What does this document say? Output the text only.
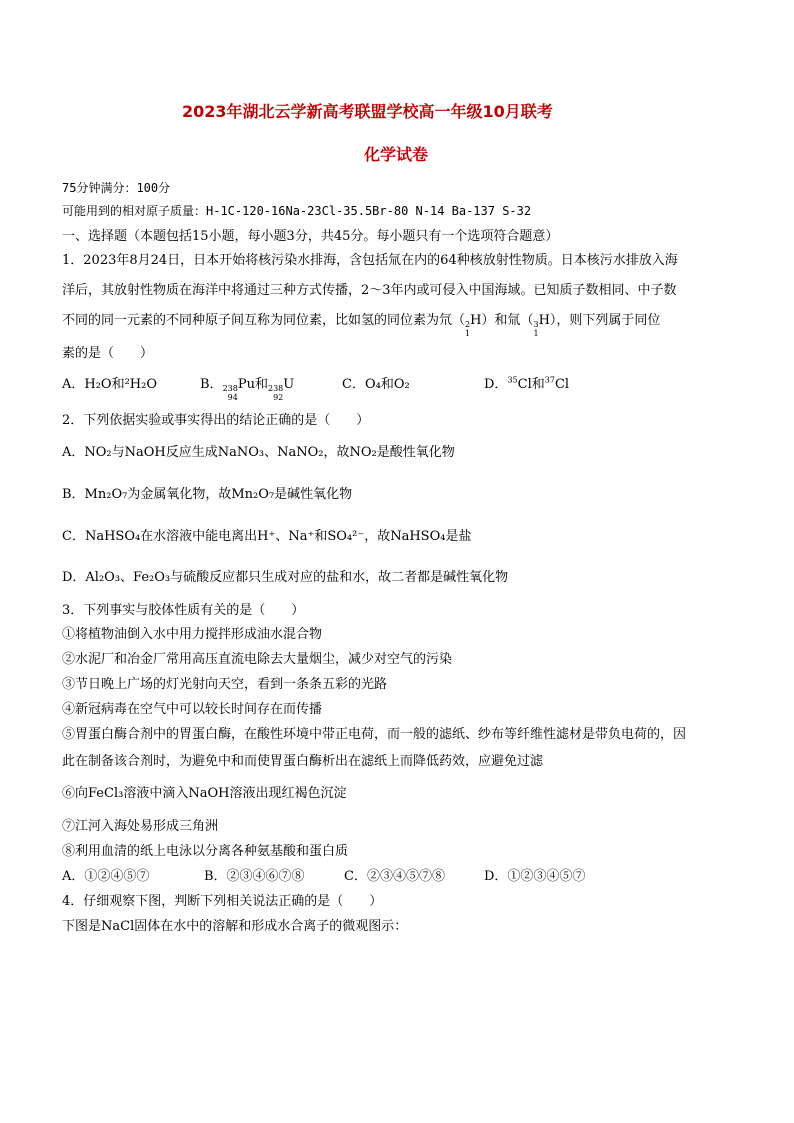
2023年湖北云学新高考联盟学校高一年级10月联考
化学试卷
75分钟满分：100分
可能用到的相对原子质量：H-1C-120-16Na-23Cl-35.5Br-80 N-14 Ba-137 S-32
一、选择题（本题包括15小题，每小题3分，共45分。每小题只有一个选项符合题意）
1．2023年8月24日，日本开始将核污染水排海，含包括氚在内的64种核放射性物质。日本核污水排放入海
洋后，其放射性物质在海洋中将通过三种方式传播，2～3年内或可侵入中国海域。已知质子数相同、中子数
不同的同一元素的不同种原子间互称为同位素，比如氢的同位素为氘（ 2
1
H）和氚（ 3
1
H），则下列属于同位
素的是（　　）
A．H₂O和²H₂O	B． 238
94
Pu和 238
92
U	C．O₄和O₂	D．$^{35}$Cl和$^{37}$Cl
2．下列依据实验或事实得出的结论正确的是（　　）
A．NO₂与NaOH反应生成NaNO₃、NaNO₂，故NO₂是酸性氧化物
B．Mn₂O₇为金属氧化物，故Mn₂O₇是碱性氧化物
C．NaHSO₄在水溶液中能电离出H⁺、Na⁺和SO₄²⁻，故NaHSO₄是盐
D．Al₂O₃、Fe₂O₃与硫酸反应都只生成对应的盐和水，故二者都是碱性氧化物
3．下列事实与胶体性质有关的是（　　）
①将植物油倒入水中用力搅拌形成油水混合物
②水泥厂和冶金厂常用高压直流电除去大量烟尘，减少对空气的污染
③节日晚上广场的灯光射向天空，看到一条条五彩的光路
④新冠病毒在空气中可以较长时间存在而传播
⑤胃蛋白酶合剂中的胃蛋白酶，在酸性环境中带正电荷，而一般的滤纸、纱布等纤维性滤材是带负电荷的，因
此在制备该合剂时，为避免中和而使胃蛋白酶析出在滤纸上而降低药效，应避免过滤
⑥向FeCl₃溶液中滴入NaOH溶液出现红褐色沉淀
⑦江河入海处易形成三角洲
⑧利用血清的纸上电泳以分离各种氨基酸和蛋白质
A．①②④⑤⑦	B．②③④⑥⑦⑧	C．②③④⑤⑦⑧	D．①②③④⑤⑦
4．仔细观察下图，判断下列相关说法正确的是（　　）
下图是NaCl固体在水中的溶解和形成水合离子的微观图示：
